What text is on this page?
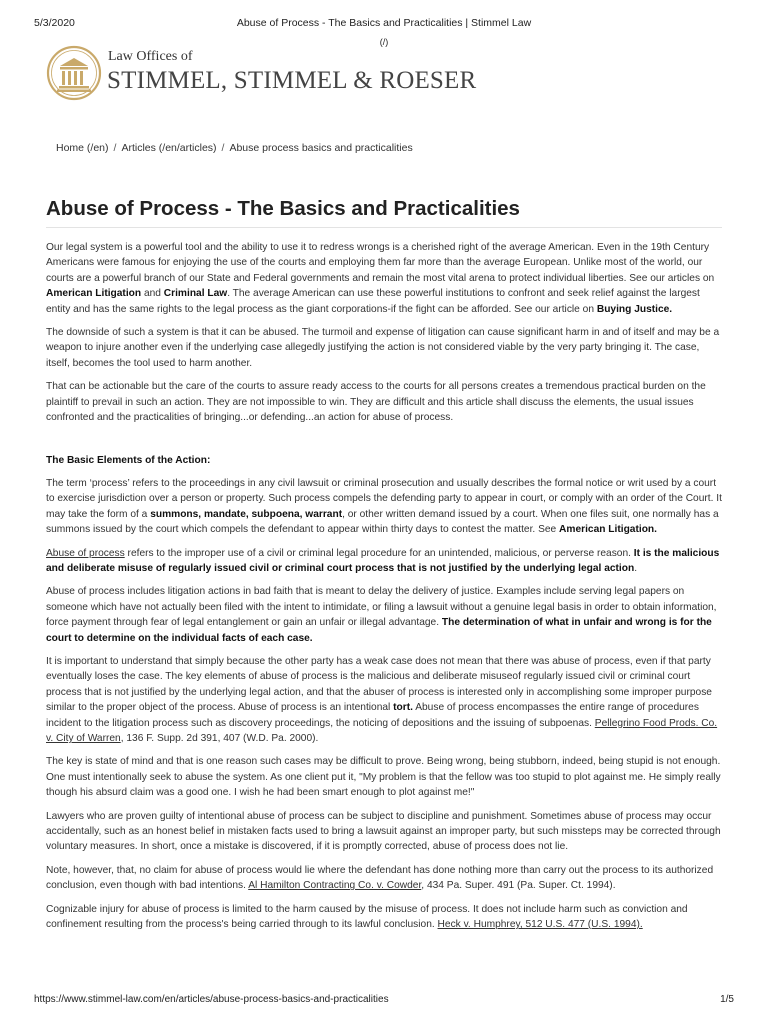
5/3/2020	Abuse of Process - The Basics and Practicalities | Stimmel Law
(/)
Law Offices of
STIMMEL, STIMMEL & ROESER
Home (/en) / Articles (/en/articles) / Abuse process basics and practicalities
Abuse of Process - The Basics and Practicalities

Our legal system is a powerful tool and the ability to use it to redress wrongs is a cherished right of the average American. Even in the 19th Century Americans were famous for enjoying the use of the courts and employing them far more than the average European. Unlike most of the world, our courts are a powerful branch of our State and Federal governments and remain the most vital arena to protect individual liberties. See our articles on American Litigation and Criminal Law. The average American can use these powerful institutions to confront and seek relief against the largest entity and has the same rights to the legal process as the giant corporations-if the fight can be afforded. See our article on Buying Justice.

The downside of such a system is that it can be abused. The turmoil and expense of litigation can cause significant harm in and of itself and may be a weapon to injure another even if the underlying case allegedly justifying the action is not considered viable by the very party bringing it. The case, itself, becomes the tool used to harm another.

That can be actionable but the care of the courts to assure ready access to the courts for all persons creates a tremendous practical burden on the plaintiff to prevail in such an action. They are not impossible to win. They are difficult and this article shall discuss the elements, the usual issues confronted and the practicalities of bringing...or defending...an action for abuse of process.

The Basic Elements of the Action:

The term ‘process’ refers to the proceedings in any civil lawsuit or criminal prosecution and usually describes the formal notice or writ used by a court to exercise jurisdiction over a person or property. Such process compels the defending party to appear in court, or comply with an order of the Court. It may take the form of a summons, mandate, subpoena, warrant, or other written demand issued by a court. When one files suit, one normally has a summons issued by the court which compels the defendant to appear within thirty days to contest the matter. See American Litigation.

Abuse of process refers to the improper use of a civil or criminal legal procedure for an unintended, malicious, or perverse reason. It is the malicious and deliberate misuse of regularly issued civil or criminal court process that is not justified by the underlying legal action.

Abuse of process includes litigation actions in bad faith that is meant to delay the delivery of justice. Examples include serving legal papers on someone which have not actually been filed with the intent to intimidate, or filing a lawsuit without a genuine legal basis in order to obtain information, force payment through fear of legal entanglement or gain an unfair or illegal advantage. The determination of what in unfair and wrong is for the court to determine on the individual facts of each case.

It is important to understand that simply because the other party has a weak case does not mean that there was abuse of process, even if that party eventually loses the case. The key elements of abuse of process is the malicious and deliberate misuseof regularly issued civil or criminal court process that is not justified by the underlying legal action, and that the abuser of process is interested only in accomplishing some improper purpose similar to the proper object of the process. Abuse of process is an intentional tort. Abuse of process encompasses the entire range of procedures incident to the litigation process such as discovery proceedings, the noticing of depositions and the issuing of subpoenas. Pellegrino Food Prods. Co. v. City of Warren, 136 F. Supp. 2d 391, 407 (W.D. Pa. 2000).

The key is state of mind and that is one reason such cases may be difficult to prove. Being wrong, being stubborn, indeed, being stupid is not enough. One must intentionally seek to abuse the system. As one client put it, "My problem is that the fellow was too stupid to plot against me. He simply really though his absurd claim was a good one. I wish he had been smart enough to plot against me!"

Lawyers who are proven guilty of intentional abuse of process can be subject to discipline and punishment. Sometimes abuse of process may occur accidentally, such as an honest belief in mistaken facts used to bring a lawsuit against an improper party, but such missteps may be corrected through voluntary measures. In short, once a mistake is discovered, if it is promptly corrected, abuse of process does not lie.

Note, however, that, no claim for abuse of process would lie where the defendant has done nothing more than carry out the process to its authorized conclusion, even though with bad intentions. Al Hamilton Contracting Co. v. Cowder, 434 Pa. Super. 491 (Pa. Super. Ct. 1994).

Cognizable injury for abuse of process is limited to the harm caused by the misuse of process. It does not include harm such as conviction and confinement resulting from the process's being carried through to its lawful conclusion. Heck v. Humphrey, 512 U.S. 477 (U.S. 1994).

https://www.stimmel-law.com/en/articles/abuse-process-basics-and-practicalities	1/5
